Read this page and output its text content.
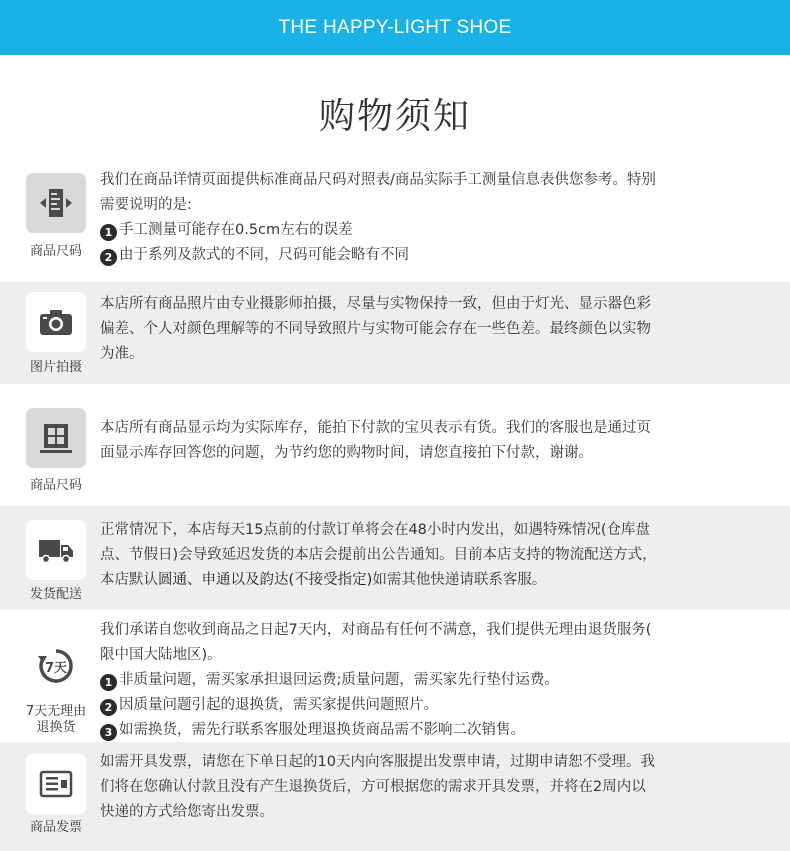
THE HAPPY-LIGHT SHOE
购物须知
商品尺码

我们在商品详情页面提供标准商品尺码对照表/商品实际手工测量信息表供您参考。特别

需要说明的是:

1 手工测量可能存在0.5cm左右的误差

2 由于系列及款式的不同，尺码可能会略有不同

图片拍摄

本店所有商品照片由专业摄影师拍摄，尽量与实物保持一致，但由于灯光、显示器色彩

偏差、个人对颜色理解等的不同导致照片与实物可能会存在一些色差。最终颜色以实物

为准。

商品尺码

本店所有商品显示均为实际库存，能拍下付款的宝贝表示有货。我们的客服也是通过页

面显示库存回答您的问题，为节约您的购物时间，请您直接拍下付款，谢谢。

发货配送

正常情况下，本店每天15点前的付款订单将会在48小时内发出，如遇特殊情况(仓库盘

点、节假日)会导致延迟发货的本店会提前出公告通知。目前本店支持的物流配送方式，

本店默认圆通、申通以及韵达(不接受指定)如需其他快递请联系客服。

7天
7天无理由
退换货

我们承诺自您收到商品之日起7天内，对商品有任何不满意，我们提供无理由退货服务(

限中国大陆地区)。

1 非质量问题，需买家承担退回运费;质量问题，需买家先行垫付运费。

2 因质量问题引起的退换货，需买家提供问题照片。

3 如需换货，需先行联系客服处理退换货商品需不影响二次销售。

商品发票

如需开具发票，请您在下单日起的10天内向客服提出发票申请，过期申请恕不受理。我

们将在您确认付款且没有产生退换货后，方可根据您的需求开具发票，并将在2周内以

快递的方式给您寄出发票。
